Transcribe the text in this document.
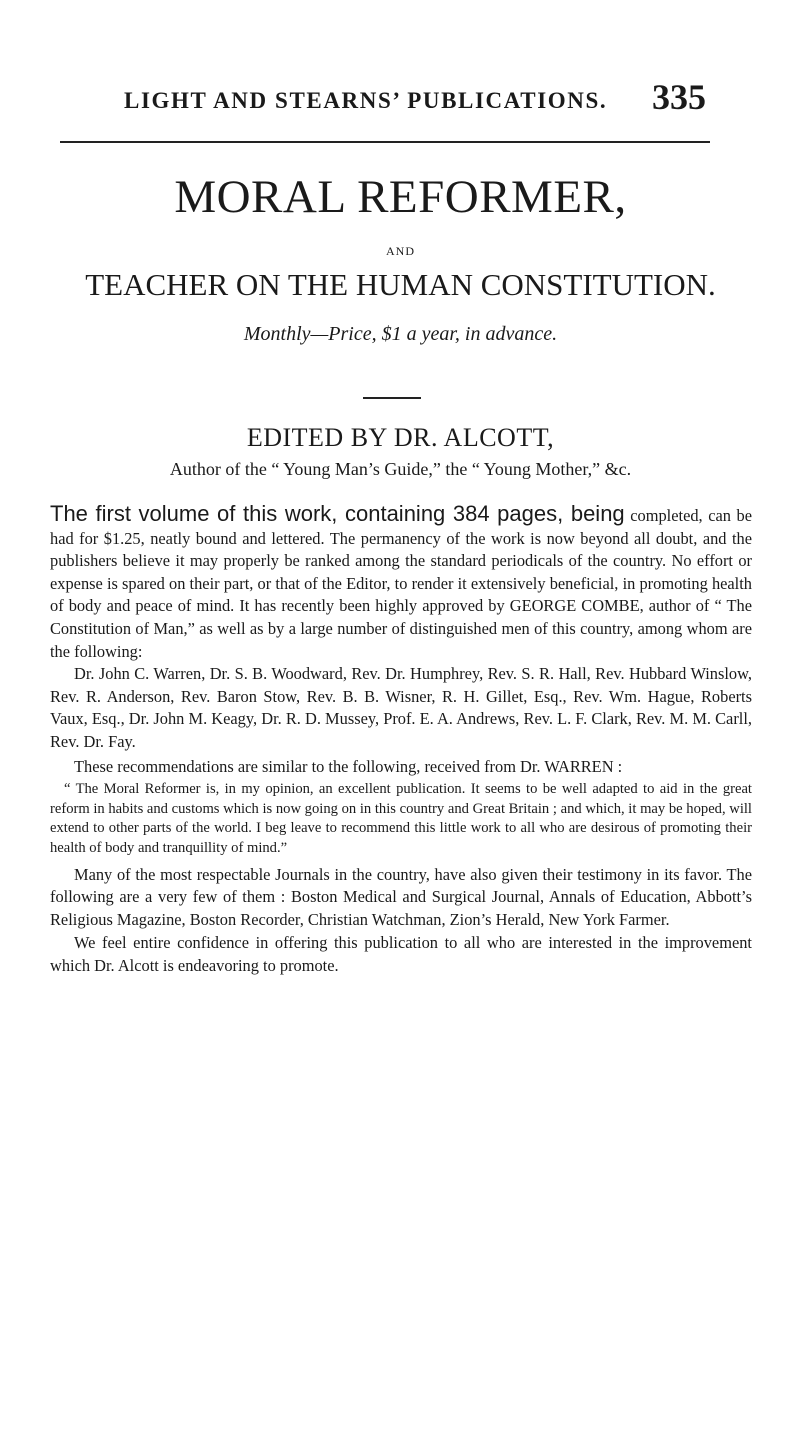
LIGHT AND STEARNS’ PUBLICATIONS. 335
MORAL REFORMER,
AND
TEACHER ON THE HUMAN CONSTITUTION.
Monthly—Price, $1 a year, in advance.
EDITED BY DR. ALCOTT,
Author of the “ Young Man’s Guide,” the “ Young Mother,” &c.

The first volume of this work, containing 384 pages, being completed, can be had for $1.25, neatly bound and lettered. The permanency of the work is now beyond all doubt, and the publishers believe it may properly be ranked among the standard periodicals of the country. No effort or expense is spared on their part, or that of the Editor, to render it extensively beneficial, in promoting health of body and peace of mind. It has recently been highly approved by GEORGE COMBE, author of “ The Constitution of Man,” as well as by a large number of distinguished men of this country, among whom are the following:

Dr. John C. Warren, Dr. S. B. Woodward, Rev. Dr. Humphrey, Rev. S. R. Hall, Rev. Hubbard Winslow, Rev. R. Anderson, Rev. Baron Stow, Rev. B. B. Wisner, R. H. Gillet, Esq., Rev. Wm. Hague, Roberts Vaux, Esq., Dr. John M. Keagy, Dr. R. D. Mussey, Prof. E. A. Andrews, Rev. L. F. Clark, Rev. M. M. Carll, Rev. Dr. Fay.

These recommendations are similar to the following, received from Dr. WARREN :

“ The Moral Reformer is, in my opinion, an excellent publication. It seems to be well adapted to aid in the great reform in habits and customs which is now going on in this country and Great Britain ; and which, it may be hoped, will extend to other parts of the world. I beg leave to recommend this little work to all who are desirous of promoting their health of body and tranquillity of mind.”

Many of the most respectable Journals in the country, have also given their testimony in its favor. The following are a very few of them : Boston Medical and Surgical Journal, Annals of Education, Abbott’s Religious Magazine, Boston Recorder, Christian Watchman, Zion’s Herald, New York Farmer.

We feel entire confidence in offering this publication to all who are interested in the improvement which Dr. Alcott is endeavoring to promote.
